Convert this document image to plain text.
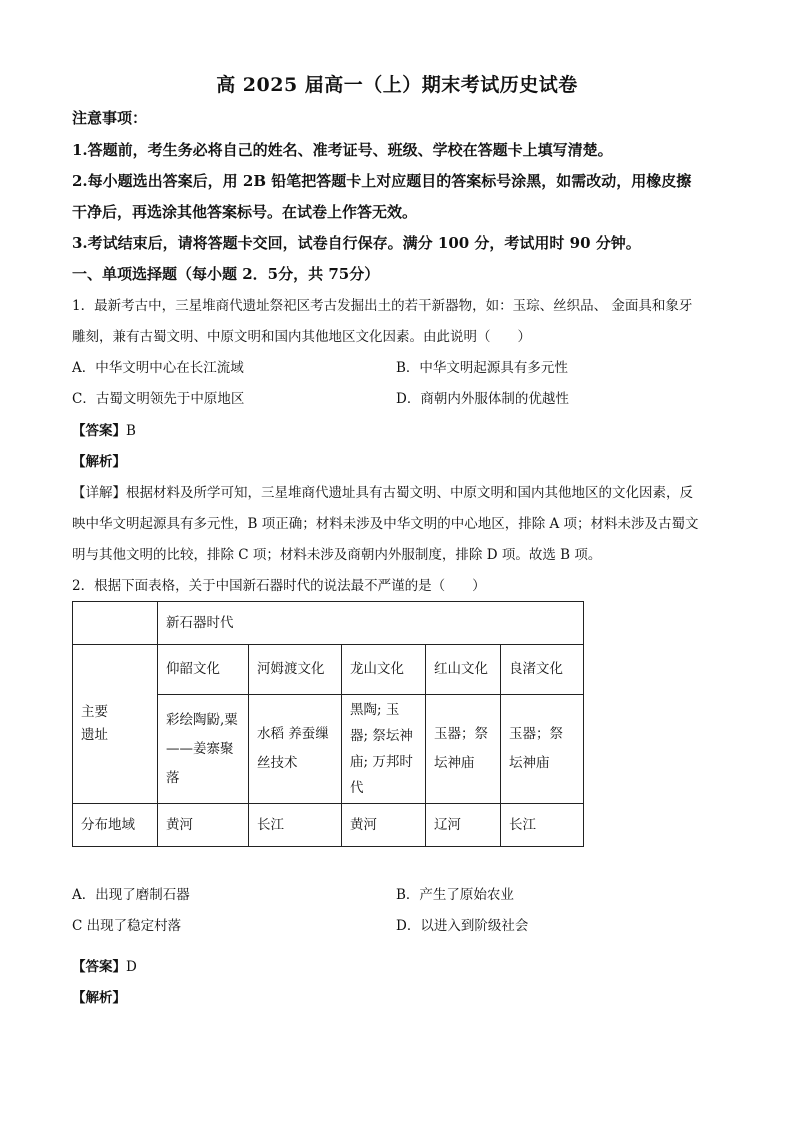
高 2025 届高一（上）期末考试历史试卷
注意事项：
1.答题前，考生务必将自己的姓名、准考证号、班级、学校在答题卡上填写清楚。
2.每小题选出答案后，用 2B 铅笔把答题卡上对应题目的答案标号涂黑，如需改动，用橡皮擦
干净后，再选涂其他答案标号。在试卷上作答无效。
3.考试结束后，请将答题卡交回，试卷自行保存。满分 100 分，考试用时 90 分钟。
一、单项选择题（每小题 2．5分，共 75分）
1．最新考古中，三星堆商代遗址祭祀区考古发掘出土的若干新器物，如：玉琮、丝织品、 金面具和象牙
雕刻，兼有古蜀文明、中原文明和国内其他地区文化因素。由此说明（　　）
A．中华文明中心在长江流域	B．中华文明起源具有多元性
C．古蜀文明领先于中原地区	D．商朝内外服体制的优越性
【答案】B
【解析】
【详解】根据材料及所学可知，三星堆商代遗址具有古蜀文明、中原文明和国内其他地区的文化因素，反
映中华文明起源具有多元性，B 项正确；材料未涉及中华文明的中心地区，排除 A 项；材料未涉及古蜀文
明与其他文明的比较，排除 C 项；材料未涉及商朝内外服制度，排除 D 项。故选 B 项。
2．根据下面表格，关于中国新石器时代的说法最不严谨的是（　　）
	新石器时代				
主要
遗址	仰韶文化	河姆渡文化	龙山文化	红山文化	良渚文化
	彩绘陶鼢,粟——姜寨聚落	水稻 养蚕缫丝技术	黑陶; 玉器; 祭坛神庙; 万邦时代	玉器；祭坛神庙	玉器；祭坛神庙
分布地域	黄河	长江	黄河	辽河	长江
A．出现了磨制石器	B．产生了原始农业
C 出现了稳定村落	D．以进入到阶级社会
【答案】D
【解析】
